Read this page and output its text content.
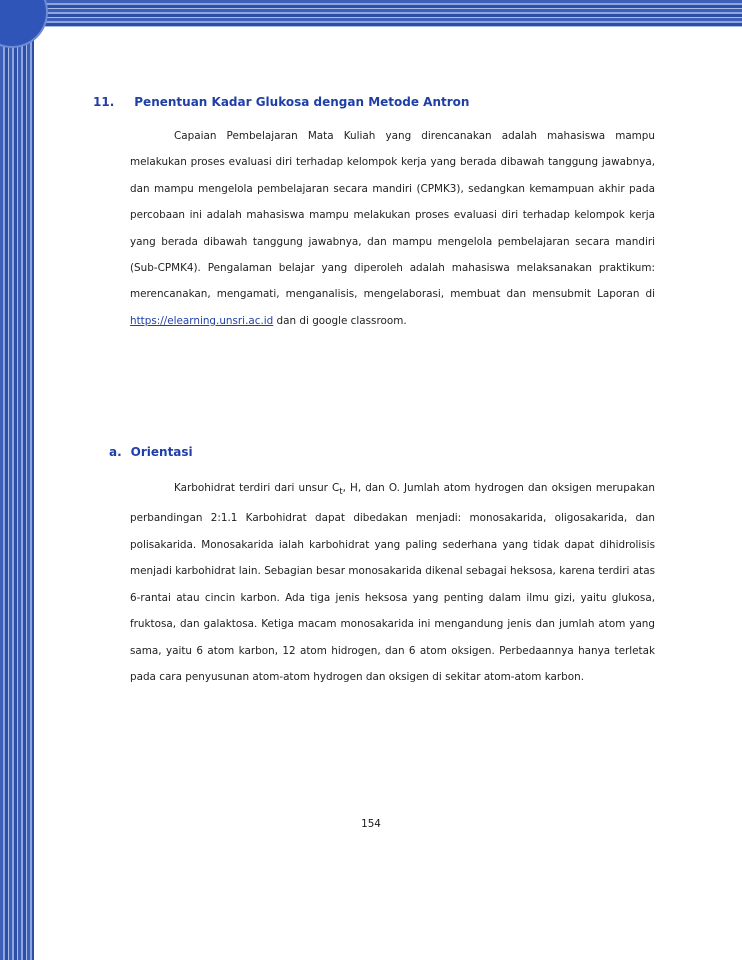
11. Penentuan Kadar Glukosa dengan Metode Antron

Capaian Pembelajaran Mata Kuliah yang direncanakan adalah mahasiswa mampu melakukan proses evaluasi diri terhadap kelompok kerja yang berada dibawah tanggung jawabnya, dan mampu mengelola pembelajaran secara mandiri (CPMK3), sedangkan kemampuan akhir pada percobaan ini adalah mahasiswa mampu melakukan proses evaluasi diri terhadap kelompok kerja yang berada dibawah tanggung jawabnya, dan mampu mengelola pembelajaran secara mandiri (Sub-CPMK4). Pengalaman belajar yang diperoleh adalah mahasiswa melaksanakan praktikum: merencanakan, mengamati, menganalisis, mengelaborasi, membuat dan mensubmit Laporan di https://elearning.unsri.ac.id dan di google classroom.

a. Orientasi

Karbohidrat terdiri dari unsur $C_t$, H, dan O. Jumlah atom hydrogen dan oksigen merupakan perbandingan 2:1.1 Karbohidrat dapat dibedakan menjadi: monosakarida, oligosakarida, dan polisakarida. Monosakarida ialah karbohidrat yang paling sederhana yang tidak dapat dihidrolisis menjadi karbohidrat lain. Sebagian besar monosakarida dikenal sebagai heksosa, karena terdiri atas 6-rantai atau cincin karbon. Ada tiga jenis heksosa yang penting dalam ilmu gizi, yaitu glukosa, fruktosa, dan galaktosa. Ketiga macam monosakarida ini mengandung jenis dan jumlah atom yang sama, yaitu 6 atom karbon, 12 atom hidrogen, dan 6 atom oksigen. Perbedaannya hanya terletak pada cara penyusunan atom-atom hydrogen dan oksigen di sekitar atom-atom karbon.

154
